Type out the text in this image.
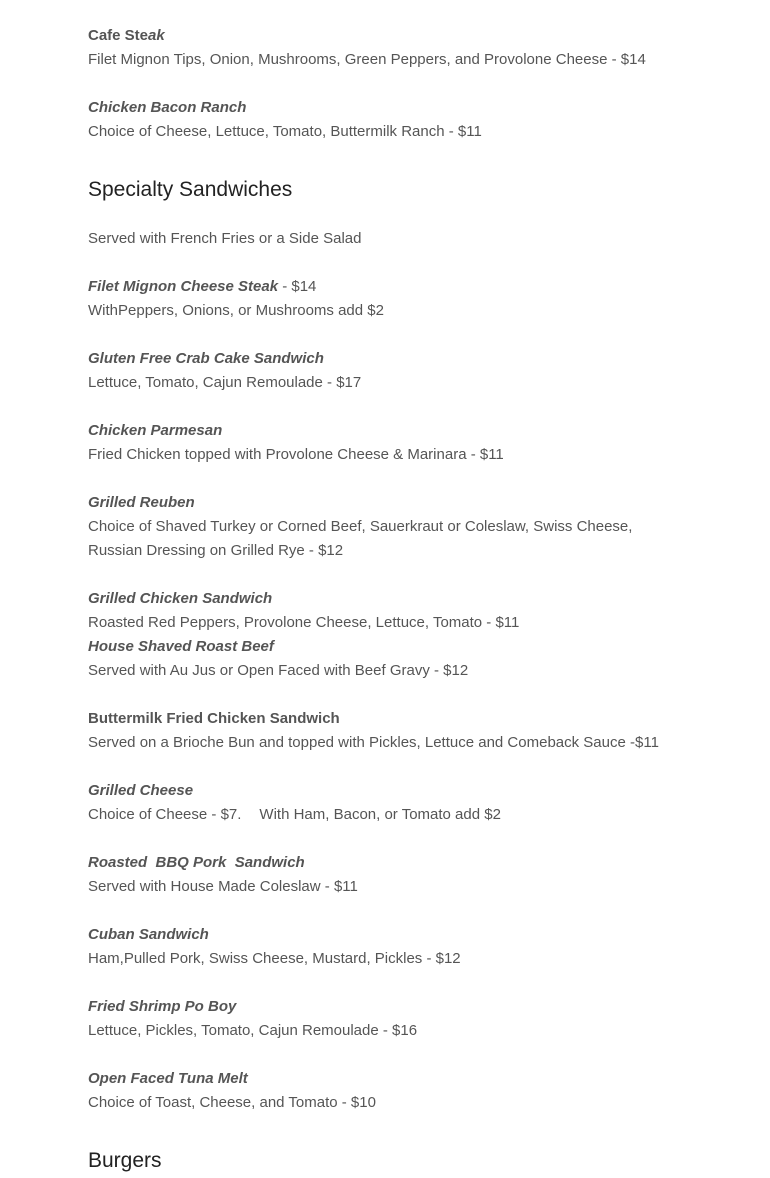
Cafe Steak
Filet Mignon Tips, Onion, Mushrooms, Green Peppers, and Provolone Cheese - $14
Chicken Bacon Ranch
Choice of Cheese, Lettuce, Tomato, Buttermilk Ranch - $11
Specialty Sandwiches
Served with French Fries or a Side Salad
Filet Mignon Cheese Steak - $14
WithPeppers, Onions, or Mushrooms add $2
Gluten Free Crab Cake Sandwich
Lettuce, Tomato, Cajun Remoulade - $17
Chicken Parmesan
Fried Chicken topped with Provolone Cheese & Marinara - $11
Grilled Reuben
Choice of Shaved Turkey or Corned Beef, Sauerkraut or Coleslaw, Swiss Cheese,
Russian Dressing on Grilled Rye - $12
Grilled Chicken Sandwich
Roasted Red Peppers, Provolone Cheese, Lettuce, Tomato - $11
House Shaved Roast Beef
Served with Au Jus or Open Faced with Beef Gravy - $12
Buttermilk Fried Chicken Sandwich
Served on a Brioche Bun and topped with Pickles, Lettuce and Comeback Sauce -$11
Grilled Cheese
Choice of Cheese - $7. With Ham, Bacon, or Tomato add $2
Roasted  BBQ Pork  Sandwich
Served with House Made Coleslaw - $11
Cuban Sandwich
Ham,Pulled Pork, Swiss Cheese, Mustard, Pickles - $12
Fried Shrimp Po Boy
Lettuce, Pickles, Tomato, Cajun Remoulade - $16
Open Faced Tuna Melt
Choice of Toast, Cheese, and Tomato - $10
Burgers
